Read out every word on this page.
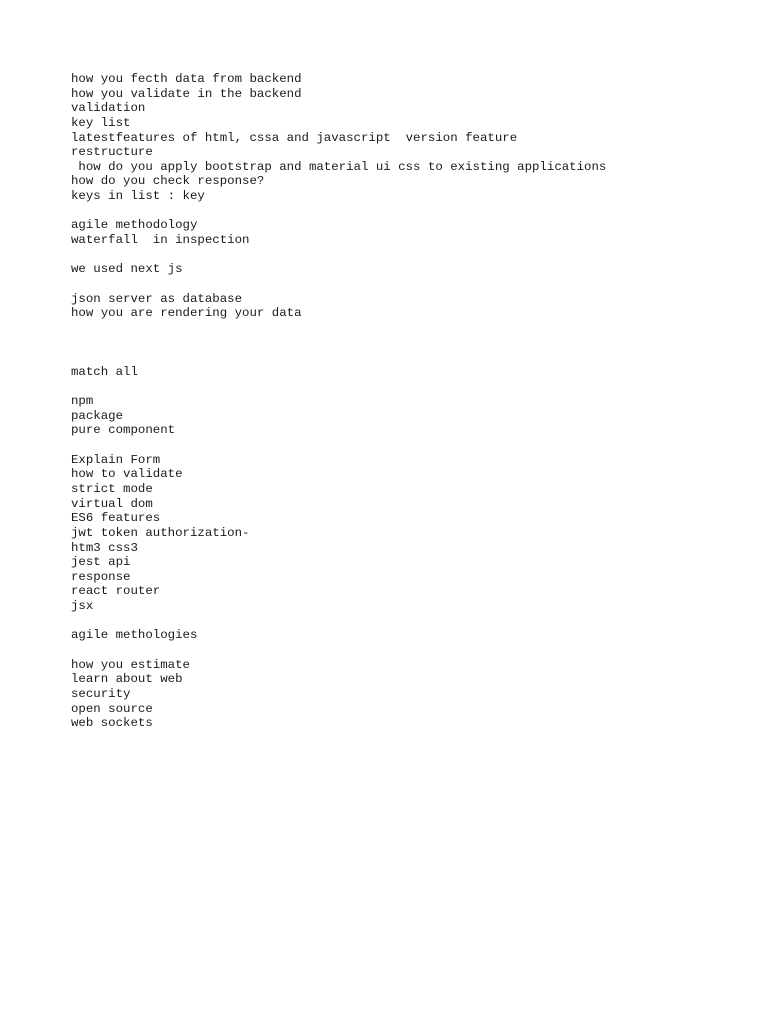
how you fecth data from backend
how you validate in the backend
validation
key list
latestfeatures of html, cssa and javascript  version feature
restructure
how do you apply bootstrap and material ui css to existing applications
how do you check response?
keys in list : key
agile methodology
waterfall  in inspection
we used next js
json server as database
how you are rendering your data
match all
npm
package
pure component
Explain Form
how to validate
strict mode
virtual dom
ES6 features
jwt token authorization-
htm3 css3
jest api
response
react router
jsx
agile methologies
how you estimate
learn about web
security
open source
web sockets
